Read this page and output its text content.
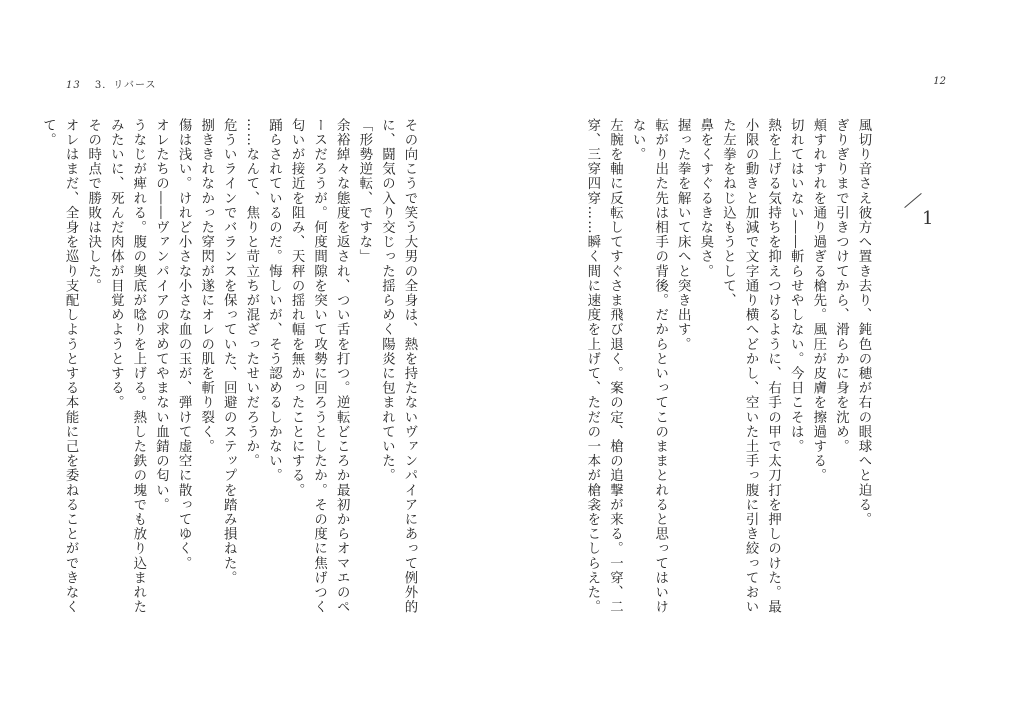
13 3．リバース

その向こうで笑う大男の全身は、熱を持たないヴァンパイアにあって例外的に、闘気の入り交じった揺らめく陽炎に包まれていた。

「形勢逆転、ですな」

余裕綽々な態度を返され、つい舌を打つ。逆転どころか最初からオマエのペースだろうが。何度間隙を突いて攻勢に回ろうとしたか。その度に焦げつく匂いが接近を阻み、天秤の揺れ幅を無かったことにする。

踊らされているのだ。悔しいが、そう認めるしかない。

……なんて、焦りと苛立ちが混ざったせいだろうか。

危ういラインでバランスを保っていた、回避のステップを踏み損ねた。

捌ききれなかった穿閃が遂にオレの肌を斬り裂く。

傷は浅い。けれど小さな小さな血の玉が、弾けて虚空に散ってゆく。

オレたちの――ヴァンパイアの求めてやまない血錆の匂い。

うなじが痺れる。腹の奥底が唸りを上げる。熱した鉄の塊でも放り込まれたみたいに、死んだ肉体が目覚めようとする。

その時点で勝敗は決した。

オレはまだ、全身を巡り支配しようとする本能に己を委ねることができなくて。

12
1

風切り音さえ彼方へ置き去り、鈍色の穂が右の眼球へと迫る。

ぎりぎりまで引きつけてから、滑らかに身を沈め。

頬すれすれを通り過ぎる槍先。風圧が皮膚を擦過する。

切れてはいない――斬らせやしない。今日こそは。

熱を上げる気持ちを抑えつけるように、右手の甲で太刀打を押しのけた。最小限の動きと加減で文字通り横へどかし、空いた土手っ腹に引き絞っておいた左拳をねじ込もうとして、

鼻をくすぐるきな臭さ。

握った拳を解いて床へと突き出す。

転がり出た先は相手の背後。だからといってこのままとれると思ってはいけない。

左腕を軸に反転してすぐさま飛び退く。案の定、槍の追撃が来る。一穿、二穿、三穿四穿……瞬く間に速度を上げて、ただの一本が槍衾をこしらえた。
